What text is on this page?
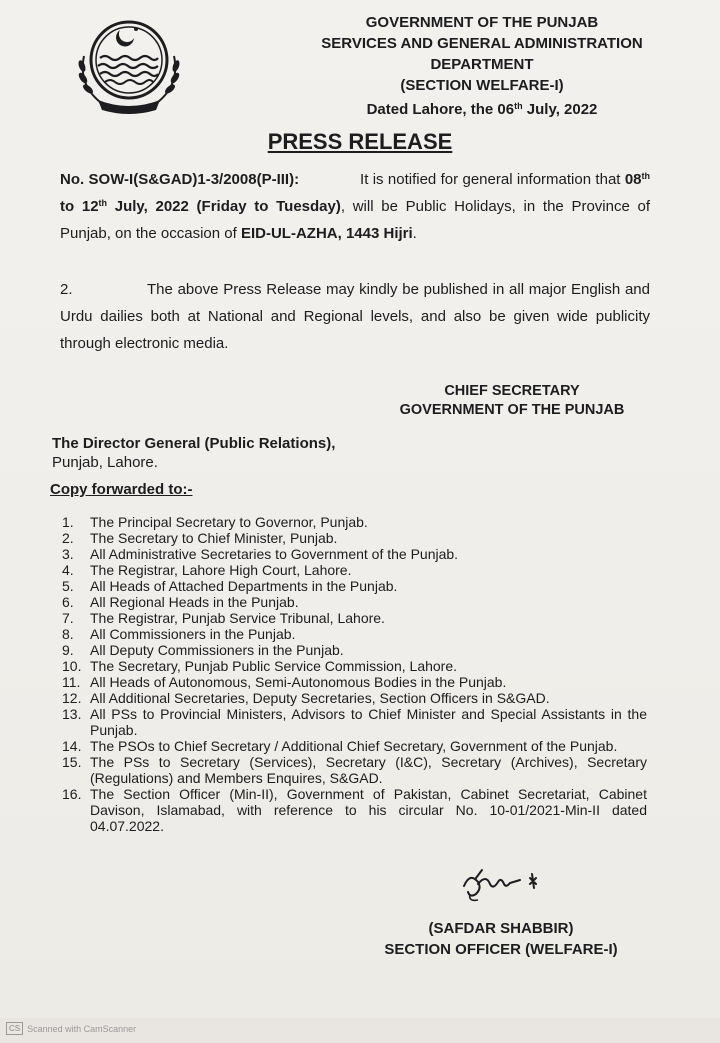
GOVERNMENT OF THE PUNJAB
SERVICES AND GENERAL ADMINISTRATION
DEPARTMENT
(SECTION WELFARE-I)
Dated Lahore, the 06th July, 2022
PRESS RELEASE
No. SOW-I(S&GAD)1-3/2008(P-III):	It is notified for general information that 08th to 12th July, 2022 (Friday to Tuesday), will be Public Holidays, in the Province of Punjab, on the occasion of EID-UL-AZHA, 1443 Hijri.
2.	The above Press Release may kindly be published in all major English and Urdu dailies both at National and Regional levels, and also be given wide publicity through electronic media.
CHIEF SECRETARY
GOVERNMENT OF THE PUNJAB
The Director General (Public Relations),
Punjab, Lahore.
Copy forwarded to:-
1.	The Principal Secretary to Governor, Punjab.
2.	The Secretary to Chief Minister, Punjab.
3.	All Administrative Secretaries to Government of the Punjab.
4.	The Registrar, Lahore High Court, Lahore.
5.	All Heads of Attached Departments in the Punjab.
6.	All Regional Heads in the Punjab.
7.	The Registrar, Punjab Service Tribunal, Lahore.
8.	All Commissioners in the Punjab.
9.	All Deputy Commissioners in the Punjab.
10. The Secretary, Punjab Public Service Commission, Lahore.
11. All Heads of Autonomous, Semi-Autonomous Bodies in the Punjab.
12. All Additional Secretaries, Deputy Secretaries, Section Officers in S&GAD.
13. All PSs to Provincial Ministers, Advisors to Chief Minister and Special Assistants in the Punjab.
14. The PSOs to Chief Secretary / Additional Chief Secretary, Government of the Punjab.
15. The PSs to Secretary (Services), Secretary (I&C), Secretary (Archives), Secretary (Regulations) and Members Enquires, S&GAD.
16. The Section Officer (Min-II), Government of Pakistan, Cabinet Secretariat, Cabinet Davison, Islamabad, with reference to his circular No. 10-01/2021-Min-II dated 04.07.2022.
(SAFDAR SHABBIR)
SECTION OFFICER (WELFARE-I)
CS Scanned with CamScanner
